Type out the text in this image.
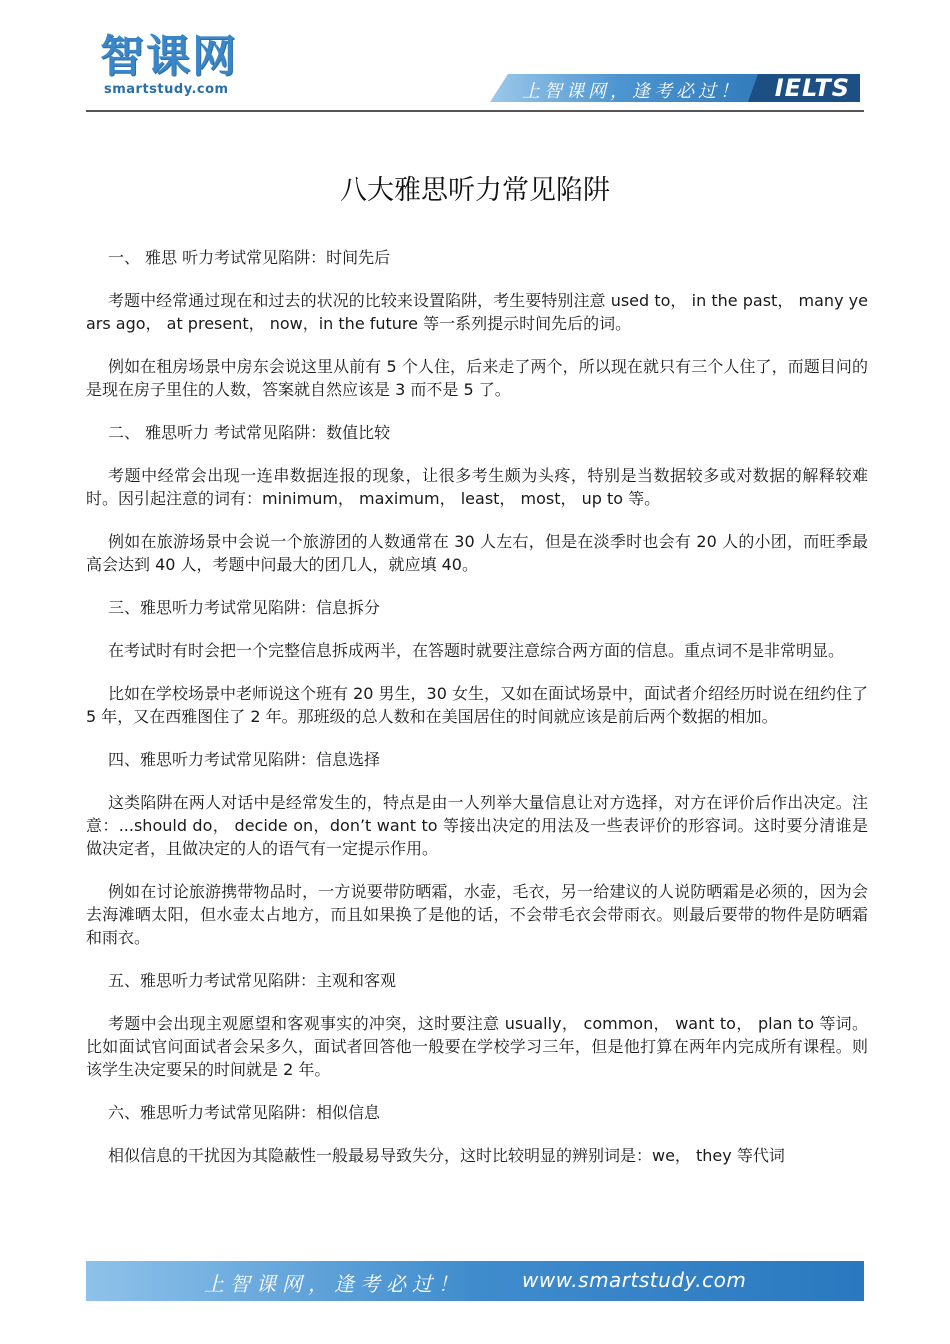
智课网
smartstudy.com	上智课网，逢考必过！ IELTS
八大雅思听力常见陷阱

一、 雅思 听力考试常见陷阱：时间先后

考题中经常通过现在和过去的状况的比较来设置陷阱，考生要特别注意 used to， in the past， many years ago， at present， now，in the future 等一系列提示时间先后的词。

例如在租房场景中房东会说这里从前有 5 个人住，后来走了两个，所以现在就只有三个人住了，而题目问的是现在房子里住的人数，答案就自然应该是 3 而不是 5 了。

二、 雅思听力 考试常见陷阱：数值比较

考题中经常会出现一连串数据连报的现象，让很多考生颇为头疼，特别是当数据较多或对数据的解释较难时。因引起注意的词有：minimum， maximum， least， most， up to 等。

例如在旅游场景中会说一个旅游团的人数通常在 30 人左右，但是在淡季时也会有 20 人的小团，而旺季最高会达到 40 人，考题中问最大的团几人，就应填 40。

三、雅思听力考试常见陷阱：信息拆分

在考试时有时会把一个完整信息拆成两半，在答题时就要注意综合两方面的信息。重点词不是非常明显。

比如在学校场景中老师说这个班有 20 男生，30 女生，又如在面试场景中，面试者介绍经历时说在纽约住了 5 年，又在西雅图住了 2 年。那班级的总人数和在美国居住的时间就应该是前后两个数据的相加。

四、雅思听力考试常见陷阱：信息选择

这类陷阱在两人对话中是经常发生的，特点是由一人列举大量信息让对方选择，对方在评价后作出决定。注意：...should do， decide on，don’t want to 等接出决定的用法及一些表评价的形容词。这时要分清谁是做决定者，且做决定的人的语气有一定提示作用。

例如在讨论旅游携带物品时，一方说要带防晒霜，水壶，毛衣，另一给建议的人说防晒霜是必须的，因为会去海滩晒太阳，但水壶太占地方，而且如果换了是他的话，不会带毛衣会带雨衣。则最后要带的物件是防晒霜和雨衣。

五、雅思听力考试常见陷阱：主观和客观

考题中会出现主观愿望和客观事实的冲突，这时要注意 usually， common， want to， plan to 等词。比如面试官问面试者会呆多久，面试者回答他一般要在学校学习三年，但是他打算在两年内完成所有课程。则该学生决定要呆的时间就是 2 年。

六、雅思听力考试常见陷阱：相似信息

相似信息的干扰因为其隐蔽性一般最易导致失分，这时比较明显的辨别词是：we， they 等代词

上智课网，逢考必过！	www.smartstudy.com
